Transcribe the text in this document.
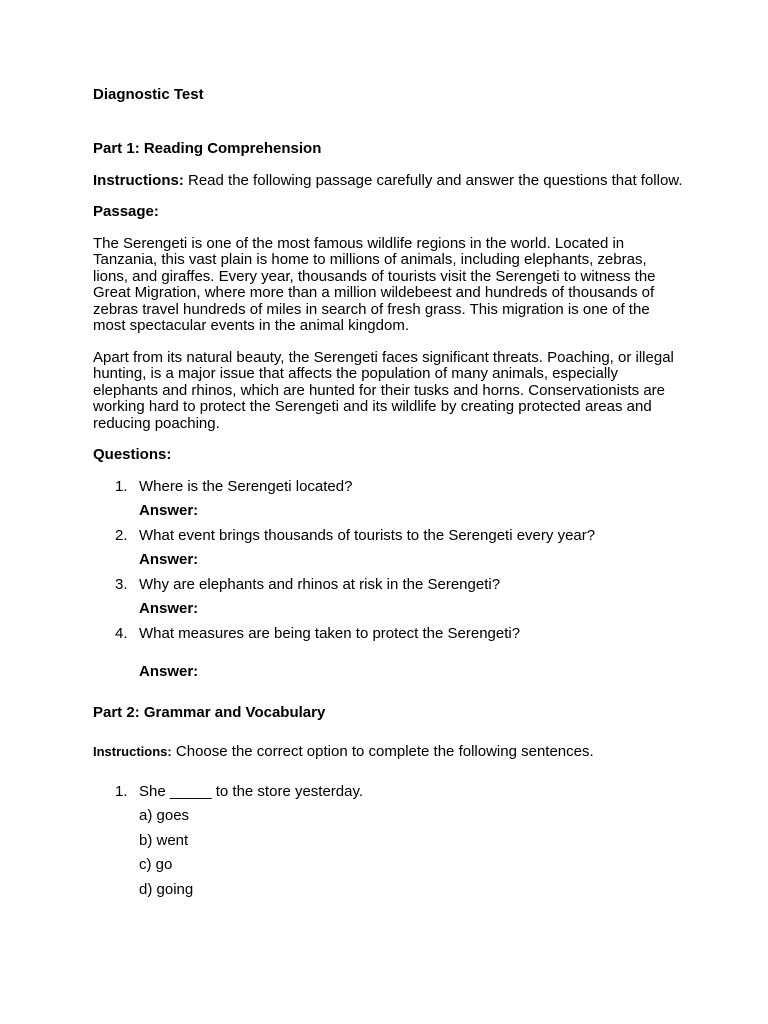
Diagnostic Test
Part 1: Reading Comprehension

Instructions: Read the following passage carefully and answer the questions that follow.

Passage:

The Serengeti is one of the most famous wildlife regions in the world. Located in Tanzania, this vast plain is home to millions of animals, including elephants, zebras, lions, and giraffes. Every year, thousands of tourists visit the Serengeti to witness the Great Migration, where more than a million wildebeest and hundreds of thousands of zebras travel hundreds of miles in search of fresh grass. This migration is one of the most spectacular events in the animal kingdom.

Apart from its natural beauty, the Serengeti faces significant threats. Poaching, or illegal hunting, is a major issue that affects the population of many animals, especially elephants and rhinos, which are hunted for their tusks and horns. Conservationists are working hard to protect the Serengeti and its wildlife by creating protected areas and reducing poaching.

Questions:
1. Where is the Serengeti located?
Answer:
2. What event brings thousands of tourists to the Serengeti every year?
Answer:
3. Why are elephants and rhinos at risk in the Serengeti?
Answer:
4. What measures are being taken to protect the Serengeti?
Answer:
Part 2: Grammar and Vocabulary

Instructions: Choose the correct option to complete the following sentences.

1. She _____ to the store yesterday.
a) goes
b) went
c) go
d) going
